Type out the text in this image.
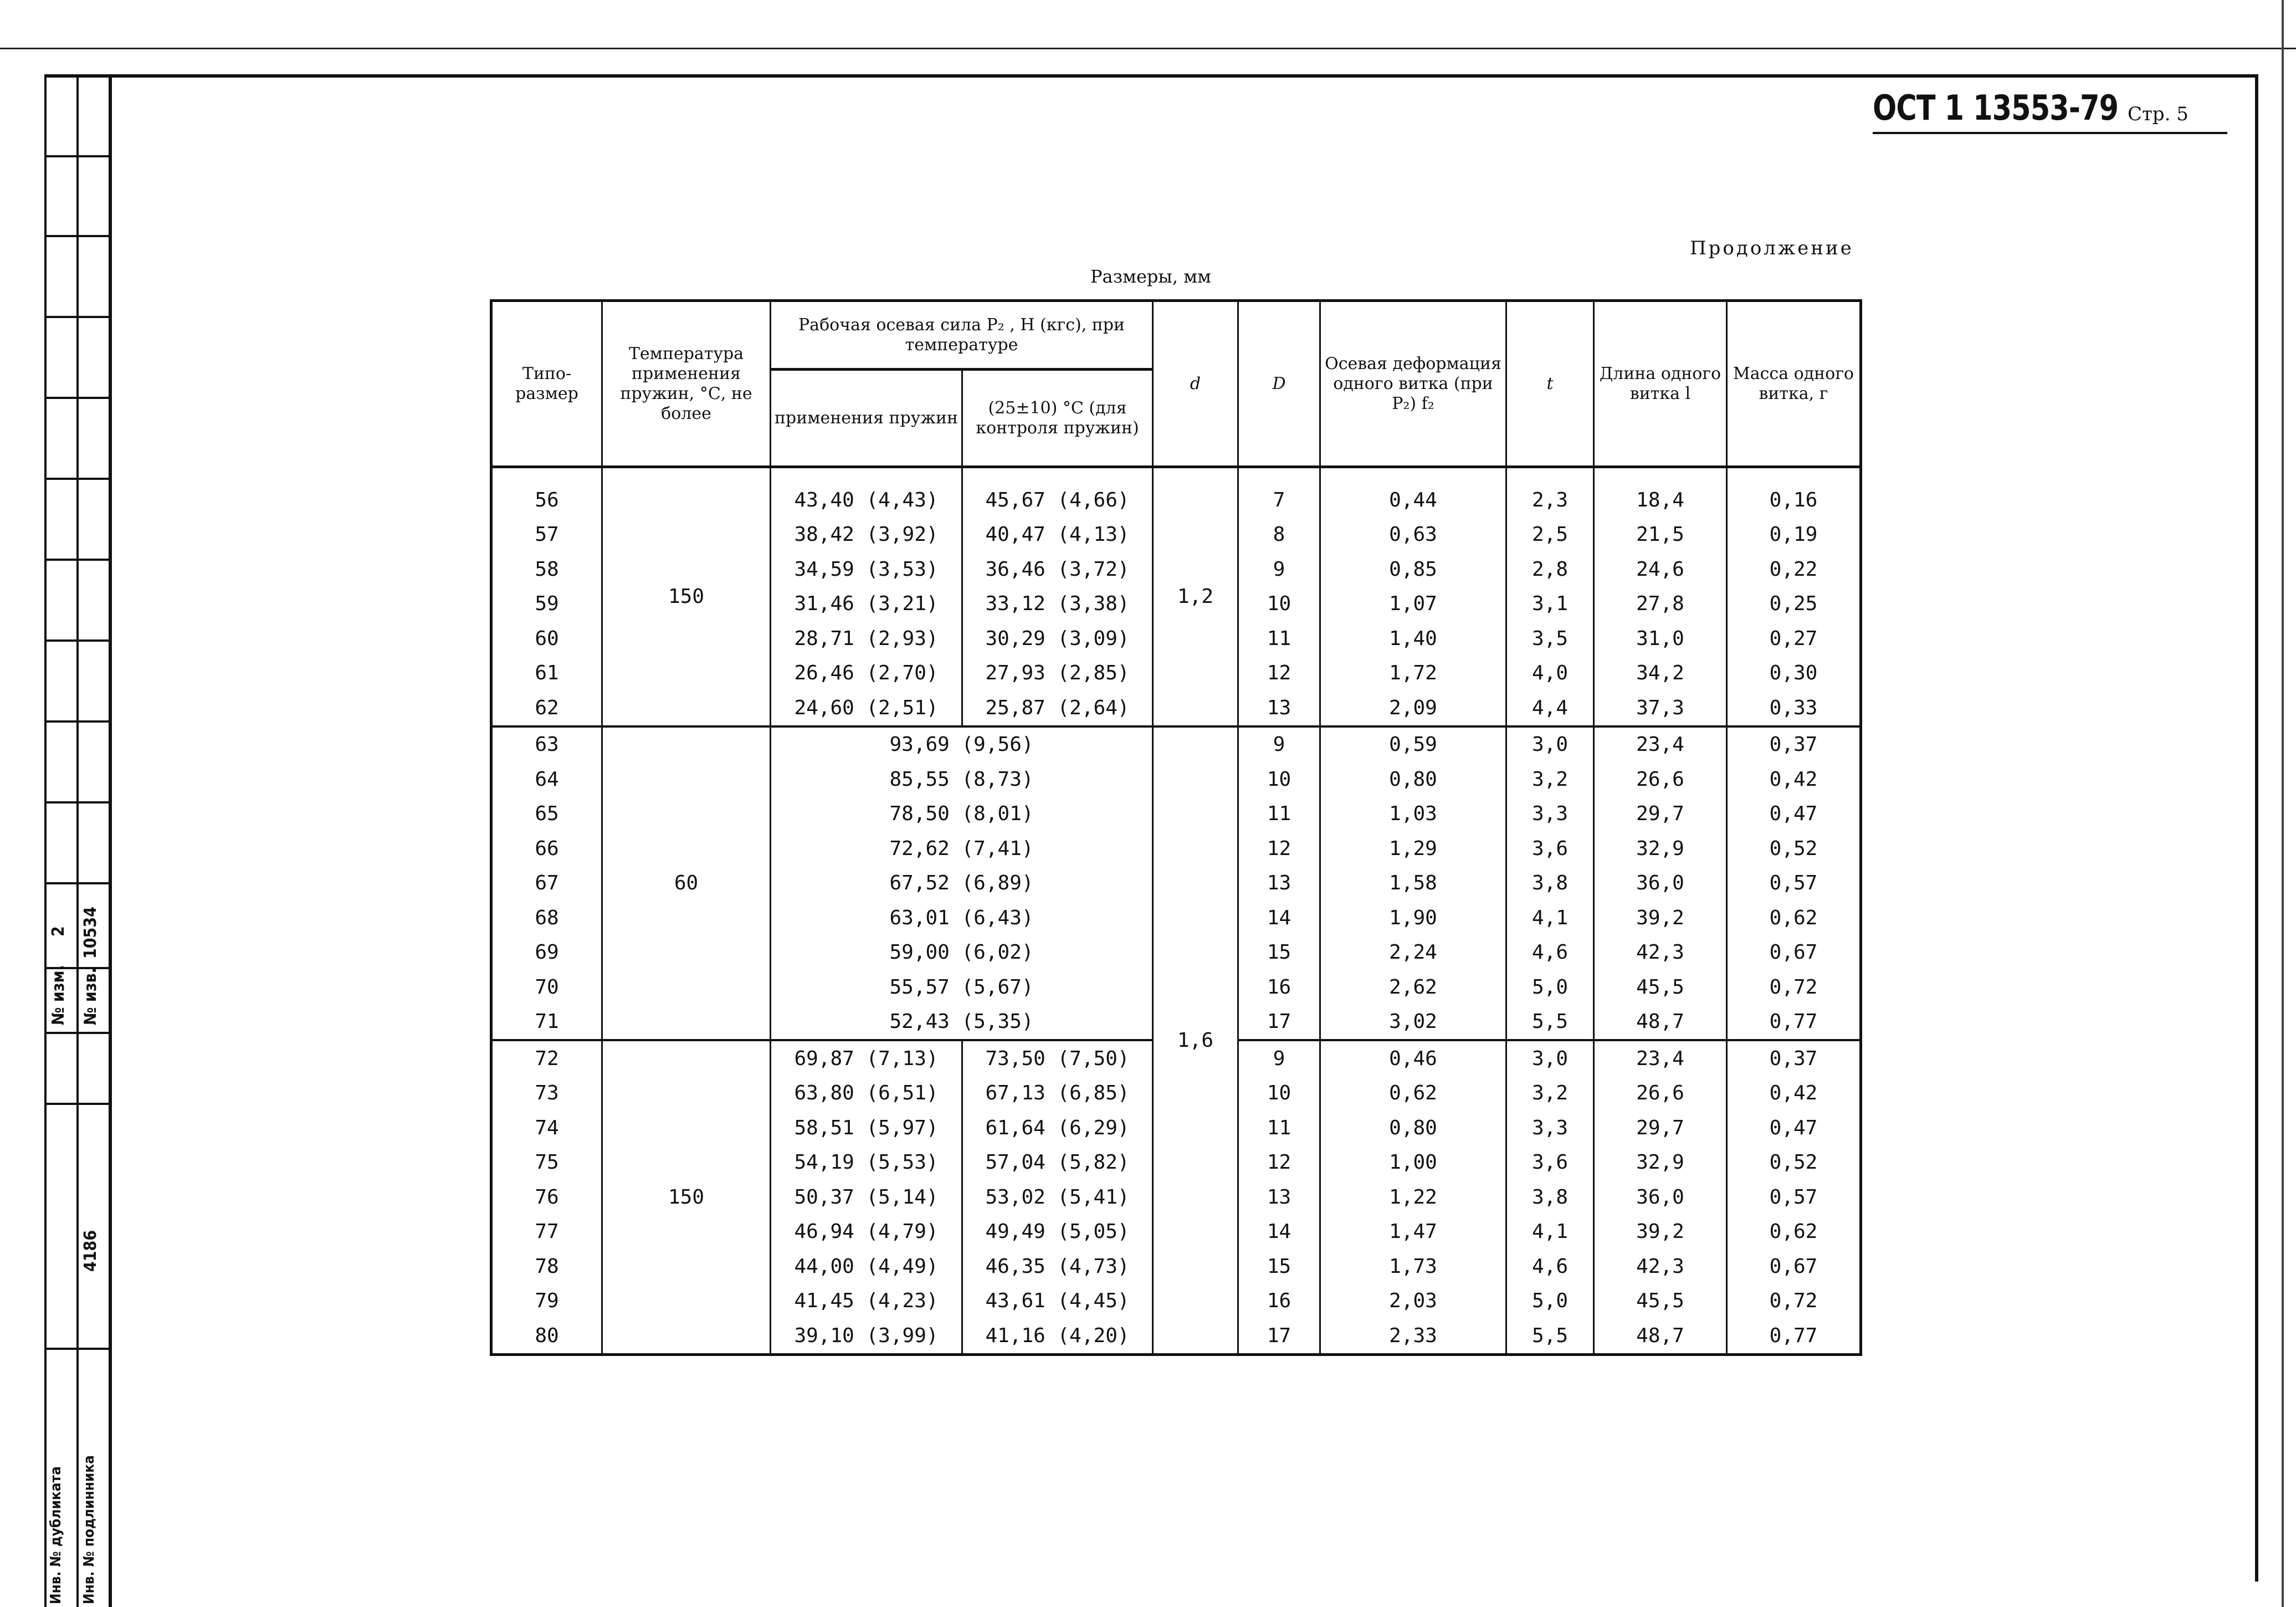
№ изм.
2
№ изв.
10534
4186
Инв. № дубликата Инв. № подлинника
ОСТ 1 13553-79 Стр. 5
Продолжение
Размеры, мм
Типо-размер	Температура применения пружин, °С, не более	Рабочая осевая сила P₂ , Н (кгс), при температуре		d	D	Осевая деформация одного витка (при P₂) f₂	t	Длина одного витка l	Масса одного витка, г
		применения пружин	(25±10) °С (для контроля пружин)						
56	150	43,40 (4,43)	45,67 (4,66)	1,2	7	0,44	2,3	18,4	0,16
57		38,42 (3,92)	40,47 (4,13)		8	0,63	2,5	21,5	0,19
58		34,59 (3,53)	36,46 (3,72)		9	0,85	2,8	24,6	0,22
59		31,46 (3,21)	33,12 (3,38)		10	1,07	3,1	27,8	0,25
60		28,71 (2,93)	30,29 (3,09)		11	1,40	3,5	31,0	0,27
61		26,46 (2,70)	27,93 (2,85)		12	1,72	4,0	34,2	0,30
62		24,60 (2,51)	25,87 (2,64)		13	2,09	4,4	37,3	0,33
63	60	93,69 (9,56)		1,6	9	0,59	3,0	23,4	0,37
64		85,55 (8,73)			10	0,80	3,2	26,6	0,42
65		78,50 (8,01)			11	1,03	3,3	29,7	0,47
66		72,62 (7,41)			12	1,29	3,6	32,9	0,52
67		67,52 (6,89)			13	1,58	3,8	36,0	0,57
68		63,01 (6,43)			14	1,90	4,1	39,2	0,62
69		59,00 (6,02)			15	2,24	4,6	42,3	0,67
70		55,57 (5,67)			16	2,62	5,0	45,5	0,72
71		52,43 (5,35)			17	3,02	5,5	48,7	0,77
72	150	69,87 (7,13)	73,50 (7,50)		9	0,46	3,0	23,4	0,37
73		63,80 (6,51)	67,13 (6,85)		10	0,62	3,2	26,6	0,42
74		58,51 (5,97)	61,64 (6,29)		11	0,80	3,3	29,7	0,47
75		54,19 (5,53)	57,04 (5,82)		12	1,00	3,6	32,9	0,52
76		50,37 (5,14)	53,02 (5,41)		13	1,22	3,8	36,0	0,57
77		46,94 (4,79)	49,49 (5,05)		14	1,47	4,1	39,2	0,62
78		44,00 (4,49)	46,35 (4,73)		15	1,73	4,6	42,3	0,67
79		41,45 (4,23)	43,61 (4,45)		16	2,03	5,0	45,5	0,72
80		39,10 (3,99)	41,16 (4,20)		17	2,33	5,5	48,7	0,77
